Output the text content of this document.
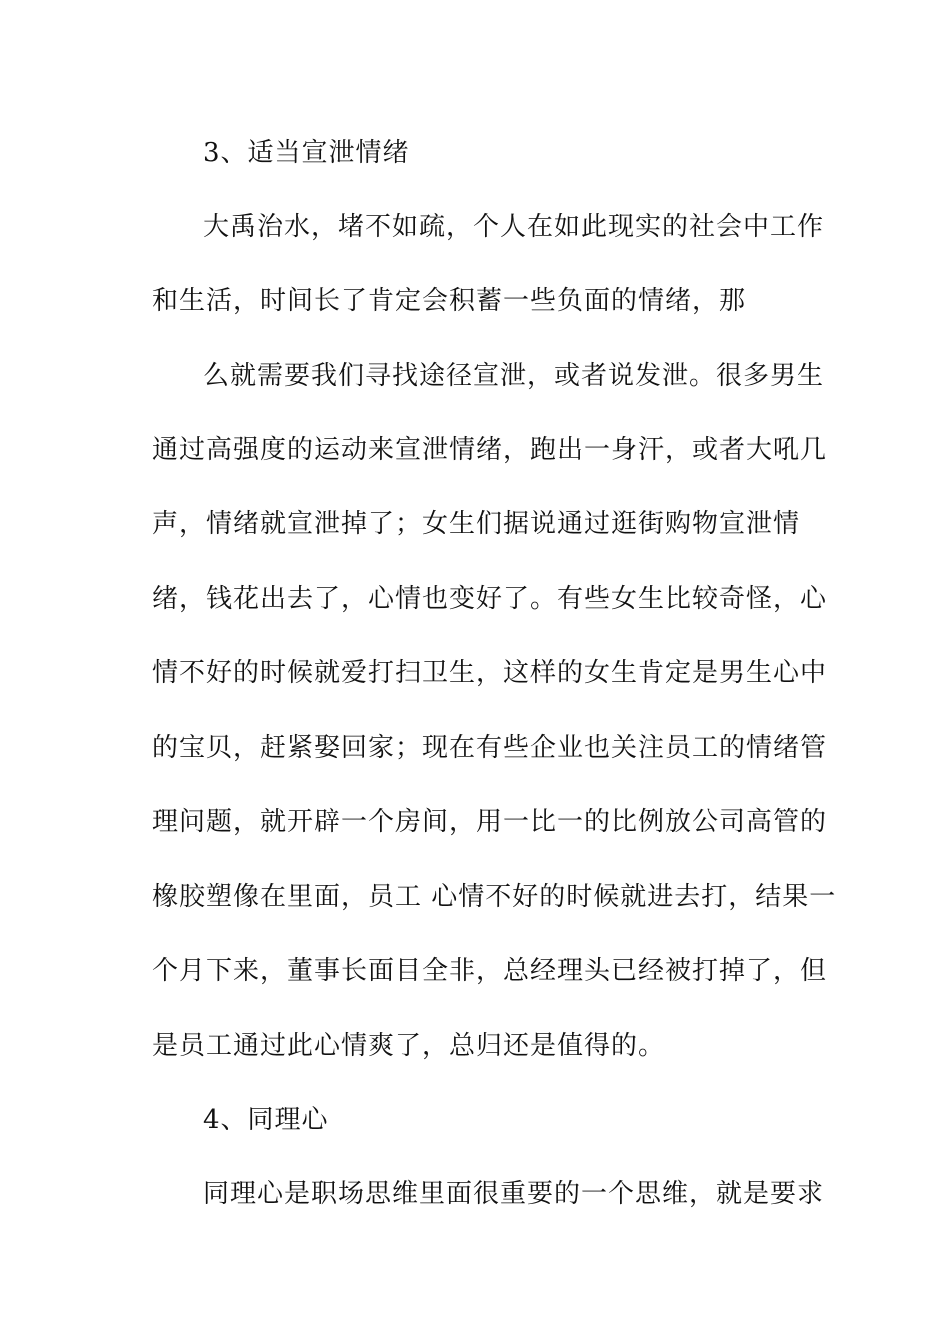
3、适当宣泄情绪
大禹治水，堵不如疏，个人在如此现实的社会中工作
和生活，时间长了肯定会积蓄一些负面的情绪，那
么就需要我们寻找途径宣泄，或者说发泄。很多男生
通过高强度的运动来宣泄情绪，跑出一身汗，或者大吼几
声，情绪就宣泄掉了；女生们据说通过逛街购物宣泄情
绪，钱花出去了，心情也变好了。有些女生比较奇怪，心
情不好的时候就爱打扫卫生，这样的女生肯定是男生心中
的宝贝，赶紧娶回家；现在有些企业也关注员工的情绪管
理问题，就开辟一个房间，用一比一的比例放公司高管的
橡胶塑像在里面，员工 心情不好的时候就进去打，结果一
个月下来，董事长面目全非，总经理头已经被打掉了，但
是员工通过此心情爽了，总归还是值得的。
4、同理心
同理心是职场思维里面很重要的一个思维，就是要求
